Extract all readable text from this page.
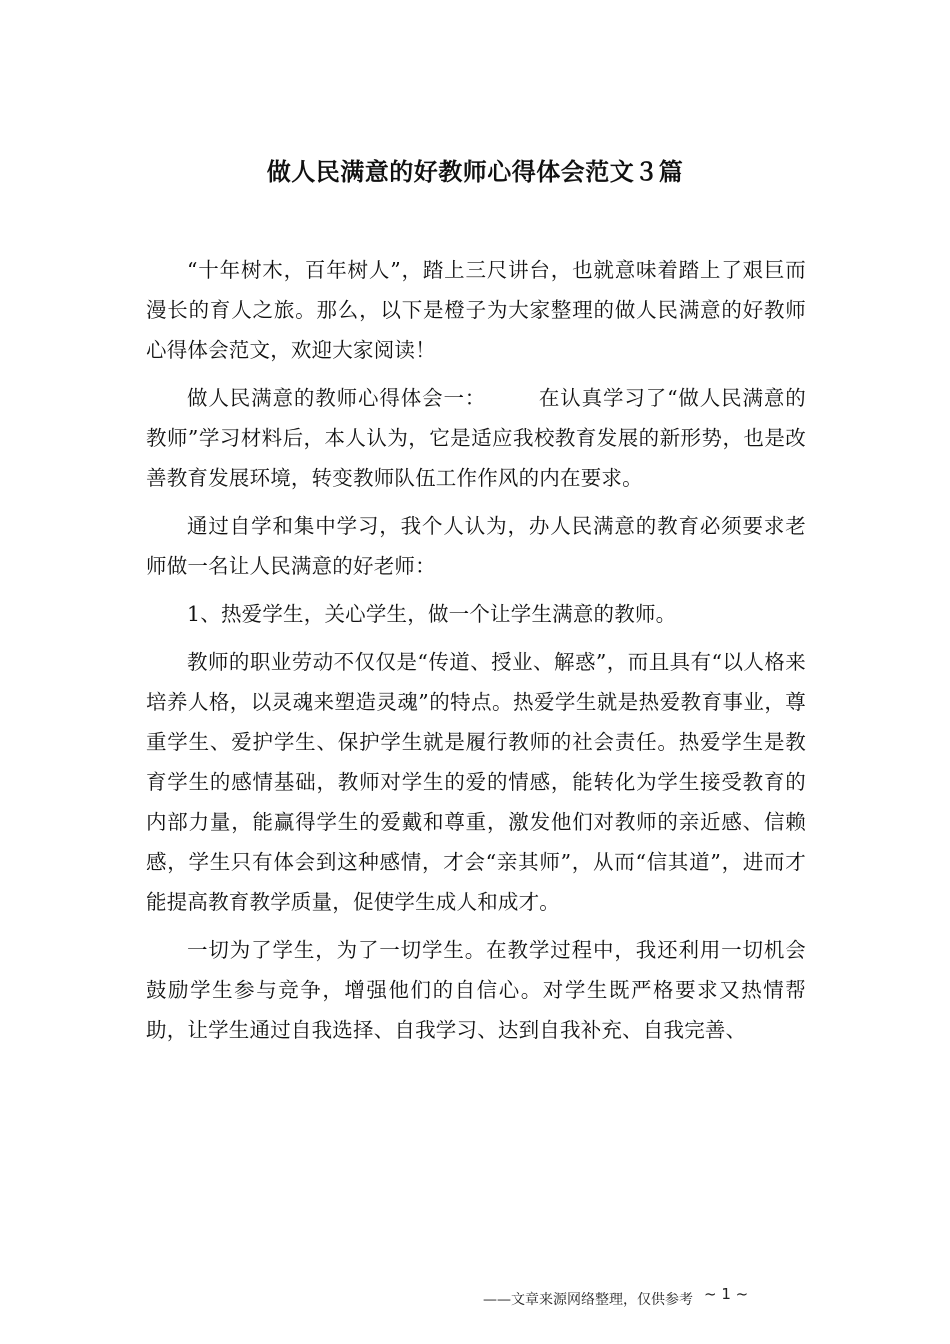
做人民满意的好教师心得体会范文３篇

“十年树木，百年树人”，踏上三尺讲台，也就意味着踏上了艰巨而漫长的育人之旅。那么，以下是橙子为大家整理的做人民满意的好教师心得体会范文，欢迎大家阅读！

做人民满意的教师心得体会一：	在认真学习了“做人民满意的教师”学习材料后，本人认为，它是适应我校教育发展的新形势，也是改善教育发展环境，转变教师队伍工作作风的内在要求。

通过自学和集中学习，我个人认为，办人民满意的教育必须要求老师做一名让人民满意的好老师：

1、热爱学生，关心学生，做一个让学生满意的教师。

教师的职业劳动不仅仅是“传道、授业、解惑”，而且具有“以人格来培养人格，以灵魂来塑造灵魂”的特点。热爱学生就是热爱教育事业，尊重学生、爱护学生、保护学生就是履行教师的社会责任。热爱学生是教育学生的感情基础，教师对学生的爱的情感，能转化为学生接受教育的内部力量，能赢得学生的爱戴和尊重，激发他们对教师的亲近感、信赖感，学生只有体会到这种感情，才会“亲其师”，从而“信其道”，进而才能提高教育教学质量，促使学生成人和成才。

一切为了学生，为了一切学生。在教学过程中，我还利用一切机会鼓励学生参与竞争，增强他们的自信心。对学生既严格要求又热情帮助，让学生通过自我选择、自我学习、达到自我补充、自我完善、

——文章来源网络整理，仅供参考 ~ 1 ~
